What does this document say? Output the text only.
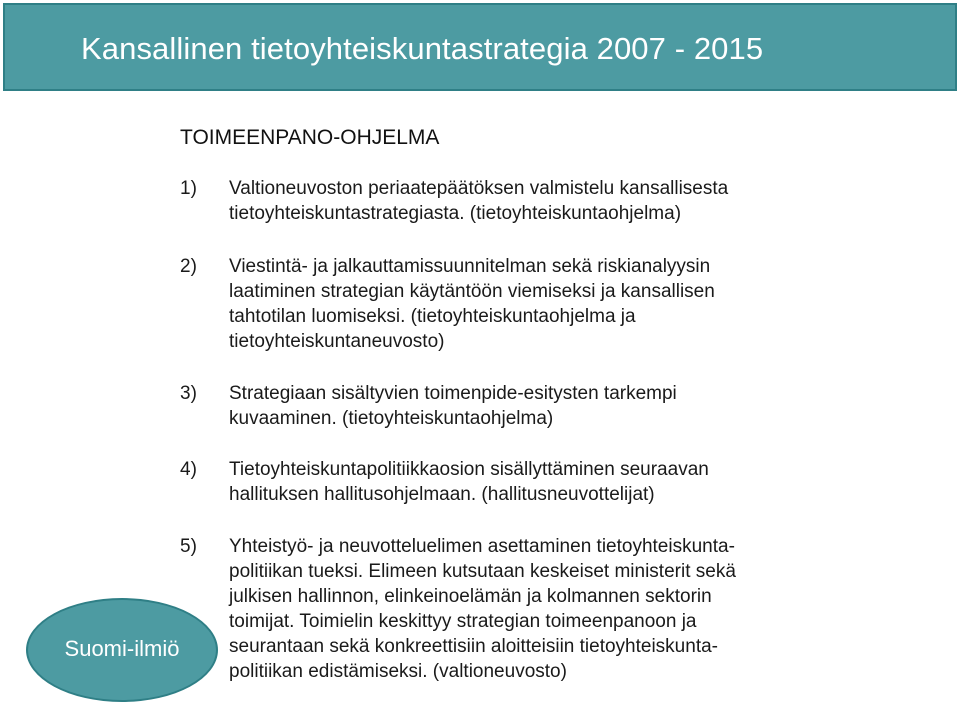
Kansallinen tietoyhteiskuntastrategia 2007 - 2015
TOIMEENPANO-OHJELMA
1)	Valtioneuvoston periaatepäätöksen valmistelu kansallisesta
tietoyhteiskuntastrategiasta. (tietoyhteiskuntaohjelma)
2)	Viestintä- ja jalkauttamissuunnitelman sekä riskianalyysin
laatiminen strategian käytäntöön viemiseksi ja kansallisen
tahtotilan luomiseksi. (tietoyhteiskuntaohjelma ja
tietoyhteiskuntaneuvosto)
3)	Strategiaan sisältyvien toimenpide-esitysten tarkempi
kuvaaminen. (tietoyhteiskuntaohjelma)
4)	Tietoyhteiskuntapolitiikkaosion sisällyttäminen seuraavan
hallituksen hallitusohjelmaan. (hallitusneuvottelijat)
5)	Yhteistyö- ja neuvotteluelimen asettaminen tietoyhteiskunta-
politiikan tueksi. Elimeen kutsutaan keskeiset ministerit sekä
julkisen hallinnon, elinkeinoelämän ja kolmannen sektorin
toimijat. Toimielin keskittyy strategian toimeenpanoon ja
seurantaan sekä konkreettisiin aloitteisiin tietoyhteiskunta-
politiikan edistämiseksi. (valtioneuvosto)
Suomi-ilmiö
